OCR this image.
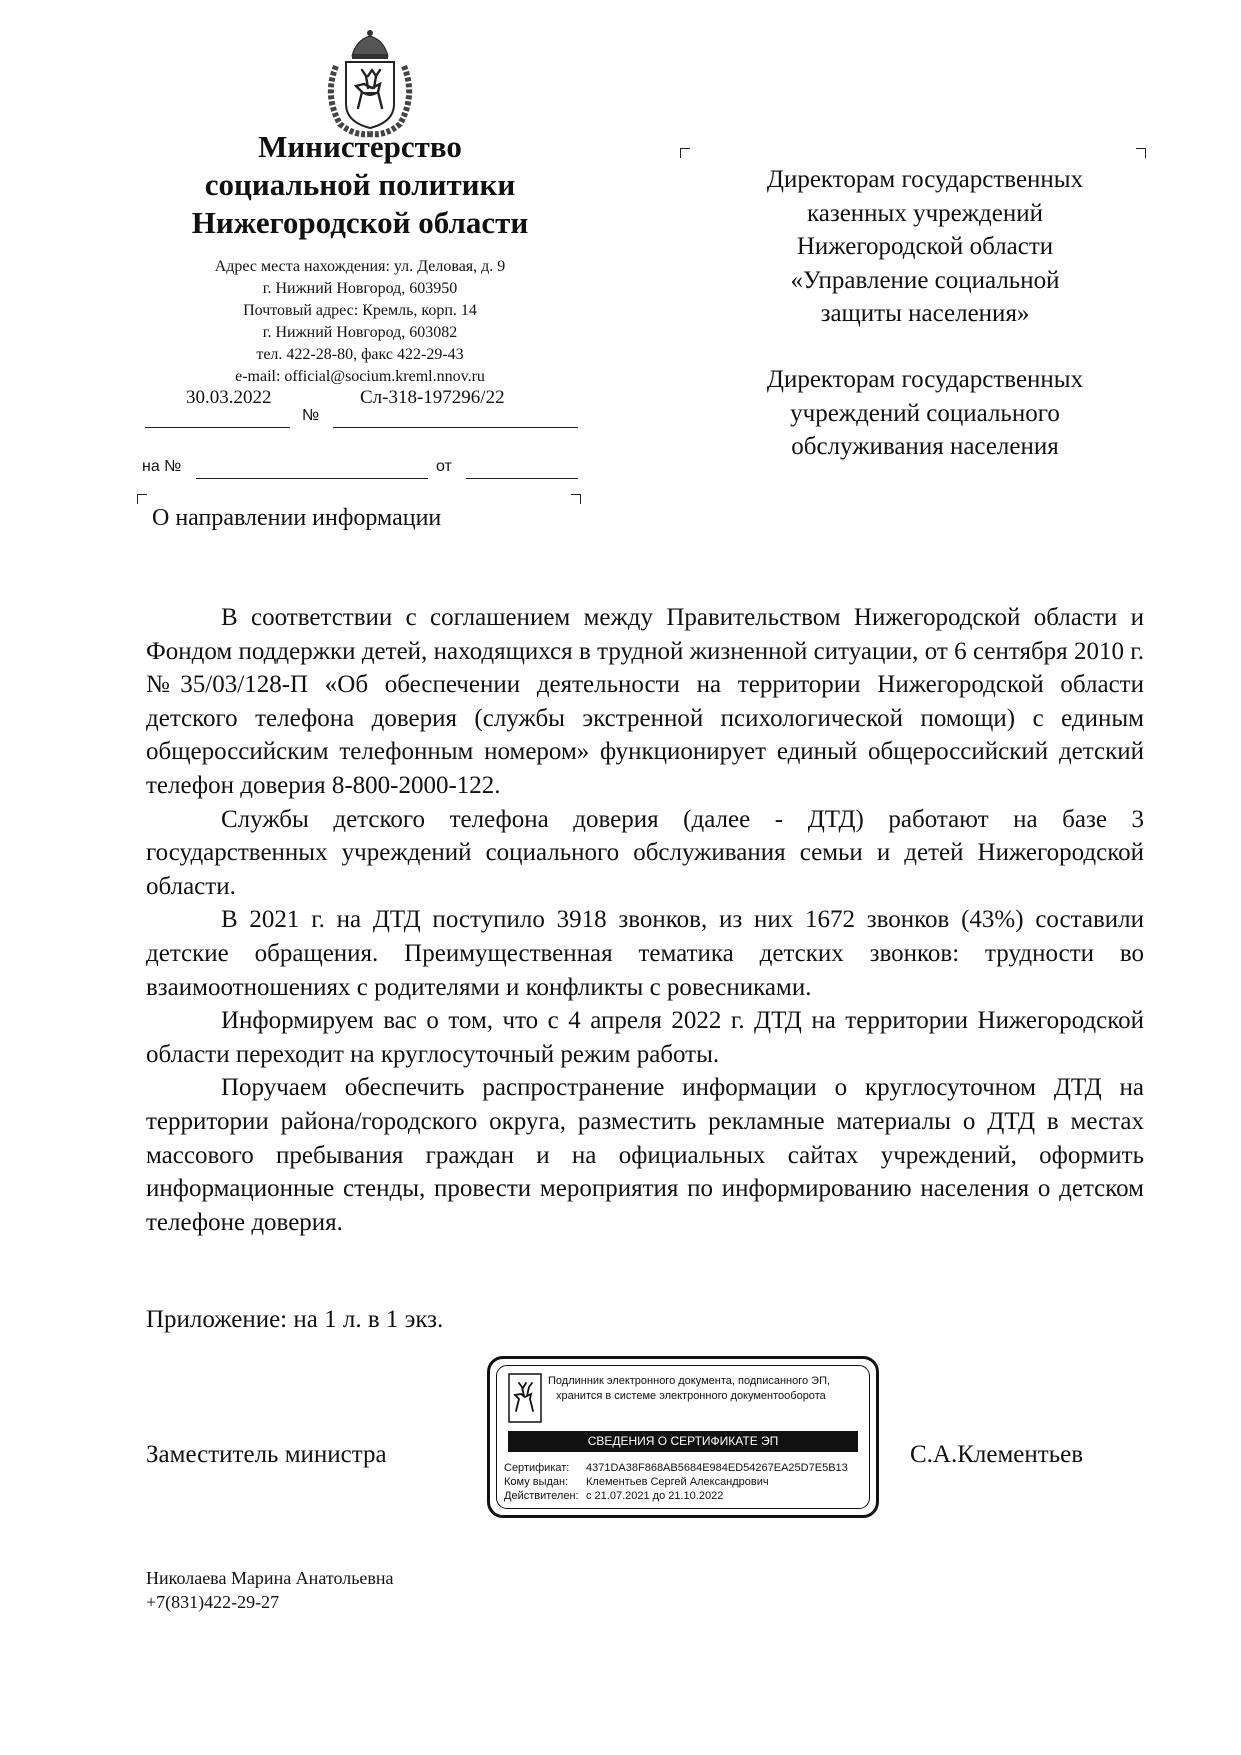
Министерство
социальной политики
Нижегородской области
Адрес места нахождения: ул. Деловая, д. 9
г. Нижний Новгород, 603950
Почтовый адрес: Кремль, корп. 14
г. Нижний Новгород, 603082
тел. 422-28-80, факс 422-29-43
e-mail: official@socium.kreml.nnov.ru
30.03.2022	Сл-318-197296/22
№
на №	от
О направлении информации
Директорам государственных
казенных учреждений
Нижегородской области
«Управление социальной
защиты населения»
Директорам государственных
учреждений социального
обслуживания населения

В соответствии с соглашением между Правительством Нижегородской области и Фондом поддержки детей, находящихся в трудной жизненной ситуации, от 6 сентября 2010 г. №35/03/128-П «Об обеспечении деятельности на территории Нижегородской области детского телефона доверия (службы экстренной психологической помощи) с единым общероссийским телефонным номером» функционирует единый общероссийский детский телефон доверия 8-800-2000-122.

Службы детского телефона доверия (далее - ДТД) работают на базе 3 государственных учреждений социального обслуживания семьи и детей Нижегородской области.

В 2021 г. на ДТД поступило 3918 звонков, из них 1672 звонков (43%) составили детские обращения. Преимущественная тематика детских звонков: трудности во взаимоотношениях с родителями и конфликты с ровесниками.

Информируем вас о том, что с 4 апреля 2022 г. ДТД на территории Нижегородской области переходит на круглосуточный режим работы.

Поручаем обеспечить распространение информации о круглосуточном ДТД на территории района/городского округа, разместить рекламные материалы о ДТД в местах массового пребывания граждан и на официальных сайтах учреждений, оформить информационные стенды, провести мероприятия по информированию населения о детском телефоне доверия.

Приложение: на 1 л. в 1 экз.
Заместитель министра	С.А.Клементьев
Подлинник электронного документа, подписанного ЭП,
хранится в системе электронного документооборота
СВЕДЕНИЯ О СЕРТИФИКАТЕ ЭП
Сертификат: 4371DA38F868AB5684E984ED54267EA25D7E5B13
Кому выдан: Клементьев Сергей Александрович
Действителен: с 21.07.2021 до 21.10.2022
Николаева Марина Анатольевна
+7(831)422-29-27
